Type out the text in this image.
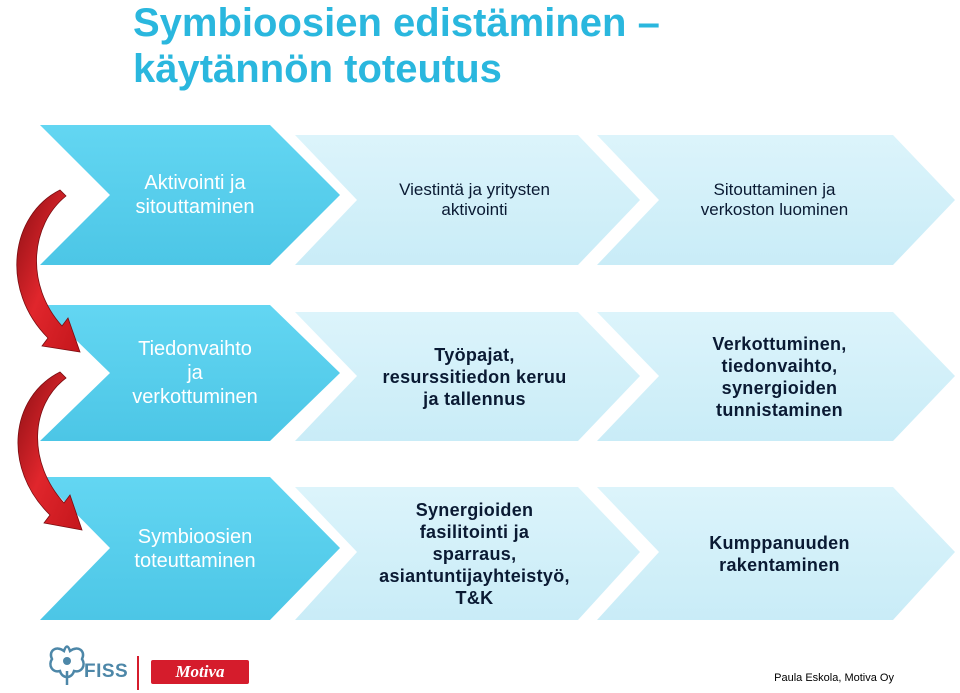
Symbioosien edistäminen –
käytännön toteutus
Aktivointi ja
sitouttaminen
Viestintä ja yritysten
aktivointi
Sitouttaminen ja
verkoston luominen
Tiedonvaihto
ja
verkottuminen
Työpajat,
resurssitiedon keruu
ja tallennus
Verkottuminen,
tiedonvaihto,
synergioiden
tunnistaminen
Symbioosien
toteuttaminen
Synergioiden
fasilitointi ja
sparraus,
asiantuntijayhteistyö,
T&K
Kumppanuuden
rakentaminen
FISS	Motiva	Paula Eskola, Motiva Oy
